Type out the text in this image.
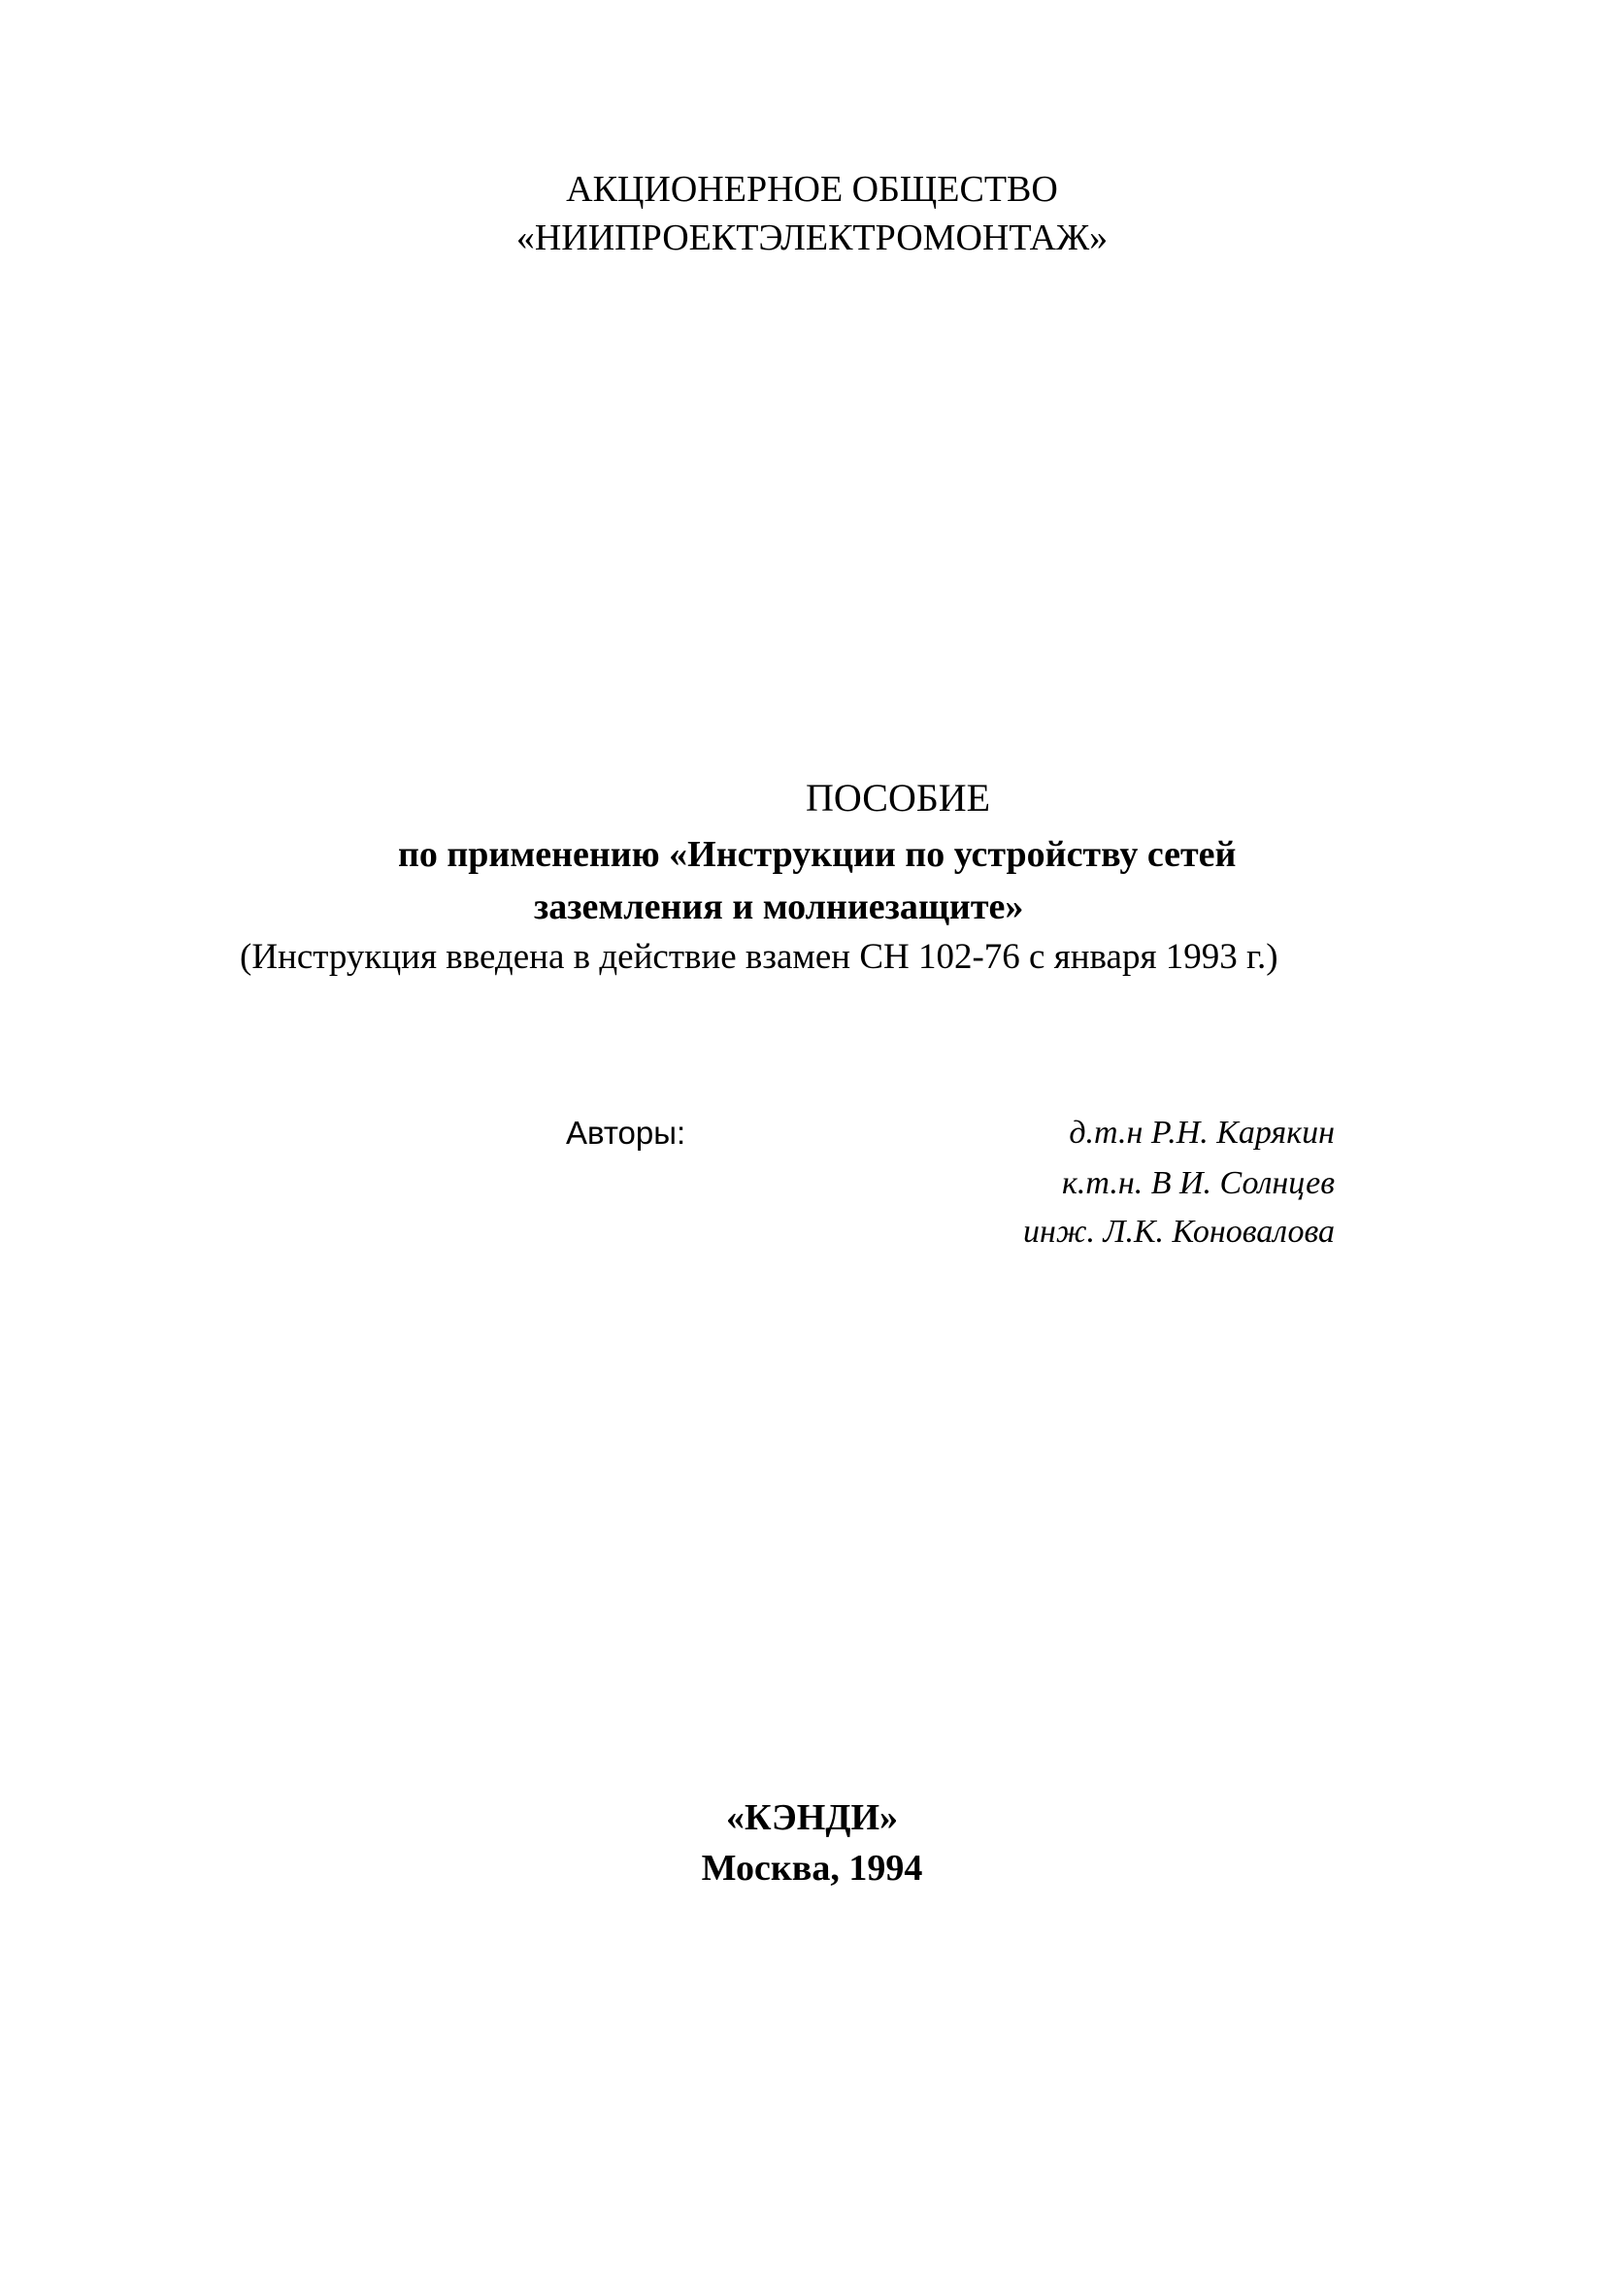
АКЦИОНЕРНОЕ ОБЩЕСТВО
«НИИПРОЕКТЭЛЕКТРОМОНТАЖ»
ПОСОБИЕ
по применению «Инструкции по устройству сетей
заземления и молниезащите»
(Инструкция введена в действие взамен СН 102-76 с января 1993 г.)
Авторы:	д.т.н Р.Н. Карякин
к.т.н. В И. Солнцев
инж. Л.К. Коновалова
«КЭНДИ»
Москва, 1994
